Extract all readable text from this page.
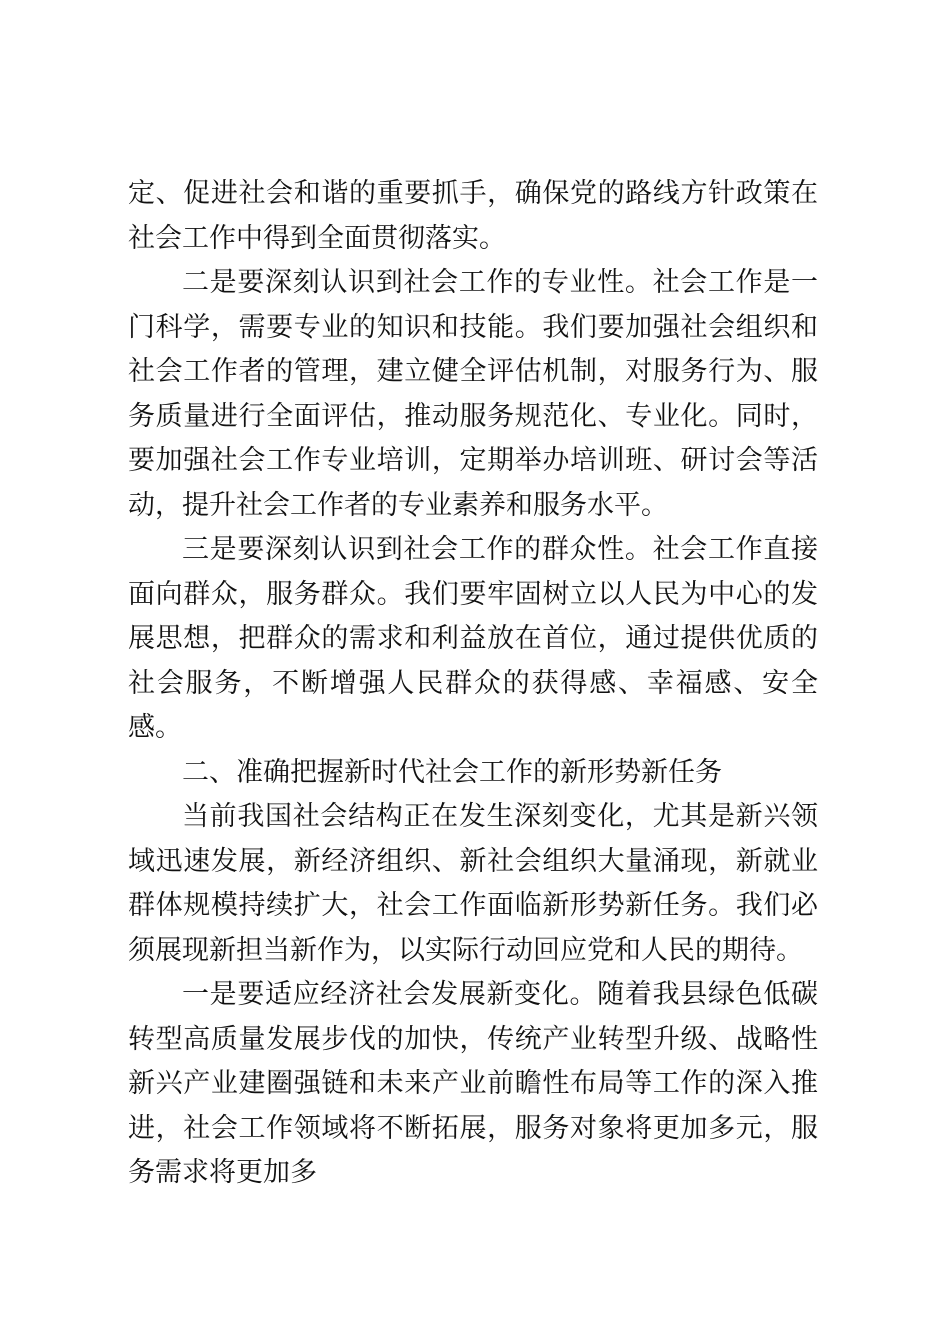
定、促进社会和谐的重要抓手，确保党的路线方针政策在社会工作中得到全面贯彻落实。

二是要深刻认识到社会工作的专业性。社会工作是一门科学，需要专业的知识和技能。我们要加强社会组织和社会工作者的管理，建立健全评估机制，对服务行为、服务质量进行全面评估，推动服务规范化、专业化。同时，要加强社会工作专业培训，定期举办培训班、研讨会等活动，提升社会工作者的专业素养和服务水平。

三是要深刻认识到社会工作的群众性。社会工作直接面向群众，服务群众。我们要牢固树立以人民为中心的发展思想，把群众的需求和利益放在首位，通过提供优质的社会服务，不断增强人民群众的获得感、幸福感、安全感。

二、准确把握新时代社会工作的新形势新任务

当前我国社会结构正在发生深刻变化，尤其是新兴领域迅速发展，新经济组织、新社会组织大量涌现，新就业群体规模持续扩大，社会工作面临新形势新任务。我们必须展现新担当新作为，以实际行动回应党和人民的期待。

一是要适应经济社会发展新变化。随着我县绿色低碳转型高质量发展步伐的加快，传统产业转型升级、战略性新兴产业建圈强链和未来产业前瞻性布局等工作的深入推进，社会工作领域将不断拓展，服务对象将更加多元，服务需求将更加多
